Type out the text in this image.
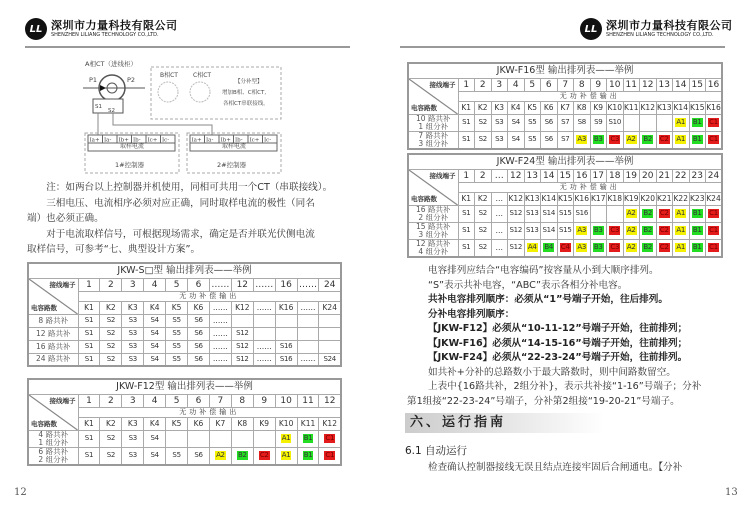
LL 深圳市力量科技有限公司
SHENZHEN LILIANG TECHNOLOGY CO.,LTD.
A相CT（进线柜）
P1	P2
S1
S2
B相CT	C相CT
【分补型】
增加B相、C相CT,
各相CT串联接线。
Ia+ Ia- Ib+ Ib- Ic+ Ic-	Ia+ Ia- Ib+ Ib- Ic+ Ic-
取样电流	取样电流
1#控制器	2#控制器

注：如两台以上控制器并机使用，同相可共用一个CT（串联接线）。

三相电压、电流相序必须对应正确，同时取样电流的极性（同名

端）也必须正确。

对于电流取样信号，可根据现场需求，确定是否并联光伏侧电流

取样信号，可参考“七、典型设计方案”。

JKW-S□型 输出排列表——举例												

接线端子
电容路数	1	2	3	4	5	6	……	12	……	16	……	24
	无功补偿输出											
	K1	K2	K3	K4	K5	K6	……	K12	……	K16	……	K24
8 路共补	S1	S2	S3	S4	S5	S6	……					
12 路共补	S1	S2	S3	S4	S5	S6	……	S12				
16 路共补	S1	S2	S3	S4	S5	S6	……	S12	……	S16		
24 路共补	S1	S2	S3	S4	S5	S6	……	S12	……	S16	……	S24
JKW-F12型 输出排列表——举例												

接线端子
电容路数	1	2	3	4	5	6	7	8	9	10	11	12
	无功补偿输出											
	K1	K2	K3	K4	K5	K6	K7	K8	K9	K10	K11	K12
4 路共补
1 组分补	S1	S2	S3	S4						A1	B1	C1
6 路共补
2 组分补	S1	S2	S3	S4	S5	S6	A2	B2	C2	A1	B1	C1
12
LL 深圳市力量科技有限公司
SHENZHEN LILIANG TECHNOLOGY CO.,LTD.
JKW-F16型 输出排列表——举例																

接线端子
电容路数	1	2	3	4	5	6	7	8	9	10	11	12	13	14	15	16
	无功补偿输出															
	K1	K2	K3	K4	K5	K6	K7	K8	K9	K10	K11	K12	K13	K14	K15	K16
10 路共补
1 组分补	S1	S2	S3	S4	S5	S6	S7	S8	S9	S10				A1	B1	C1
7 路共补
3 组分补	S1	S2	S3	S4	S5	S6	S7	A3	B3	C3	A2	B2	C2	A1	B1	C1
JKW-F24型 输出排列表——举例																

接线端子
电容路数	1	2	…	12	13	14	15	16	17	18	19	20	21	22	23	24
	无功补偿输出															
	K1	K2	…	K12	K13	K14	K15	K16	K17	K18	K19	K20	K21	K22	K23	K24
16 路共补
2 组分补	S1	S2	…	S12	S13	S14	S15	S16			A2	B2	C2	A1	B1	C1
15 路共补
3 组分补	S1	S2	…	S12	S13	S14	S15	A3	B3	C3	A2	B2	C2	A1	B1	C1
12 路共补
4 组分补	S1	S2	…	S12	A4	B4	C4	A3	B3	C3	A2	B2	C2	A1	B1	C1

电容排列应结合“电容编码”按容量从小到大顺序排列。

“S”表示共补电容，“ABC”表示各相分补电容。

共补电容排列顺序：必须从“1”号端子开始，往后排列。

分补电容排列顺序：

【JKW-F12】必须从“10-11-12”号端子开始，往前排列；

【JKW-F16】必须从“14-15-16”号端子开始，往前排列；

【JKW-F24】必须从“22-23-24”号端子开始，往前排列。

如共补+分补的总路数小于最大路数时，则中间路数留空。

上表中{16路共补，2组分补}，表示共补接“1-16”号端子；分补

第1组接“22-23-24”号端子，分补第2组接“19-20-21”号端子。
13
六、运行指南
6.1 自动运行
检查确认控制器接线无误且结点连接牢固后合闸通电。【分补
